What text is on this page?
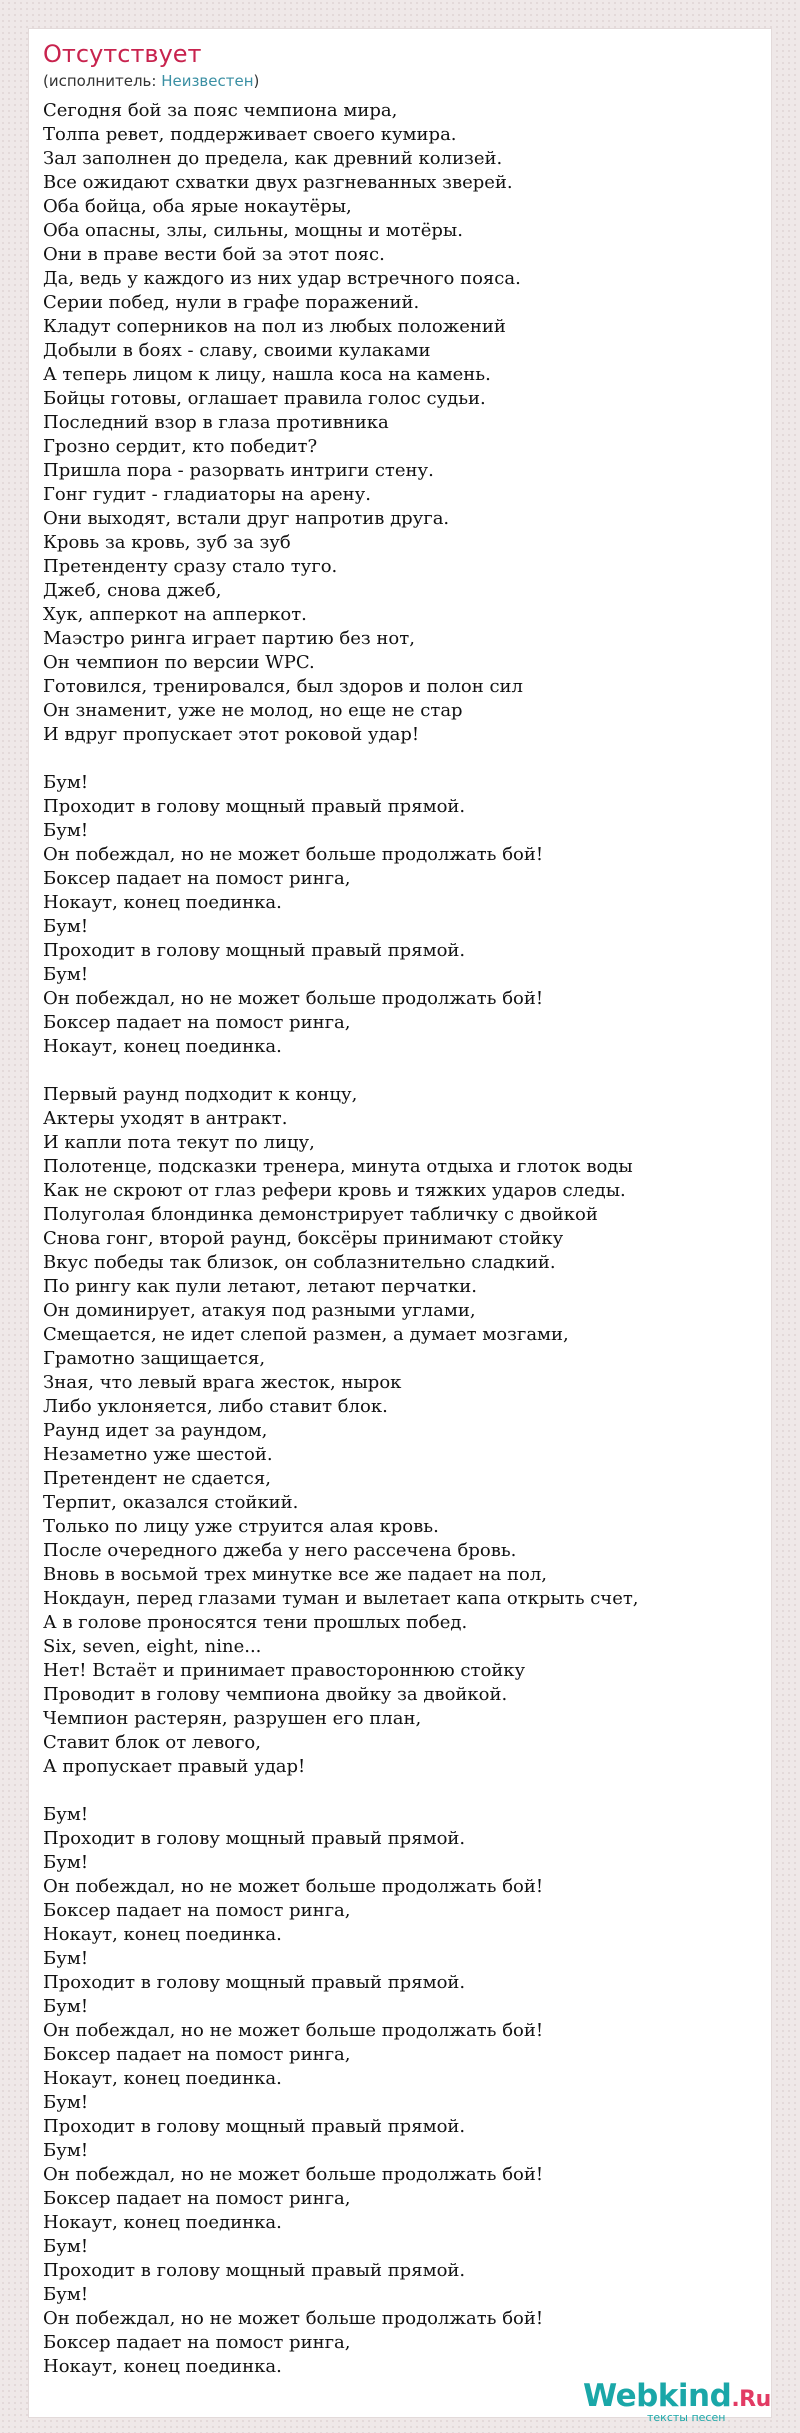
Отсутствует
(исполнитель: Неизвестен)
Сегодня бой за пояс чемпиона мира,
Толпа ревет, поддерживает своего кумира.
Зал заполнен до предела, как древний колизей.
Все ожидают схватки двух разгневанных зверей.
Оба бойца, оба ярые нокаутёры,
Оба опасны, злы, сильны, мощны и мотёры.
Они в праве вести бой за этот пояс.
Да, ведь у каждого из них удар встречного пояса.
Серии побед, нули в графе поражений.
Кладут соперников на пол из любых положений
Добыли в боях - славу, своими кулаками
А теперь лицом к лицу, нашла коса на камень.
Бойцы готовы, оглашает правила голос судьи.
Последний взор в глаза противника
Грозно сердит, кто победит?
Пришла пора - разорвать интриги стену.
Гонг гудит - гладиаторы на арену.
Они выходят, встали друг напротив друга.
Кровь за кровь, зуб за зуб
Претенденту сразу стало туго.
Джеб, снова джеб,
Хук, апперкот на апперкот.
Маэстро ринга играет партию без нот,
Он чемпион по версии WPC.
Готовился, тренировался, был здоров и полон сил
Он знаменит, уже не молод, но еще не стар
И вдруг пропускает этот роковой удар!
Бум!
Проходит в голову мощный правый прямой.
Бум!
Он побеждал, но не может больше продолжать бой!
Боксер падает на помост ринга,
Нокаут, конец поединка.
Бум!
Проходит в голову мощный правый прямой.
Бум!
Он побеждал, но не может больше продолжать бой!
Боксер падает на помост ринга,
Нокаут, конец поединка.
Первый раунд подходит к концу,
Актеры уходят в антракт.
И капли пота текут по лицу,
Полотенце, подсказки тренера, минута отдыха и глоток воды
Как не скроют от глаз рефери кровь и тяжких ударов следы.
Полуголая блондинка демонстрирует табличку с двойкой
Снова гонг, второй раунд, боксёры принимают стойку
Вкус победы так близок, он соблазнительно сладкий.
По рингу как пули летают, летают перчатки.
Он доминирует, атакуя под разными углами,
Смещается, не идет слепой размен, а думает мозгами,
Грамотно защищается,
Зная, что левый врага жесток, нырок
Либо уклоняется, либо ставит блок.
Раунд идет за раундом,
Незаметно уже шестой.
Претендент не сдается,
Терпит, оказался стойкий.
Только по лицу уже струится алая кровь.
После очередного джеба у него рассечена бровь.
Вновь в восьмой трех минутке все же падает на пол,
Нокдаун, перед глазами туман и вылетает капа открыть счет,
А в голове проносятся тени прошлых побед.
Six, seven, eight, nine...
Нет! Встаёт и принимает правостороннюю стойку
Проводит в голову чемпиона двойку за двойкой.
Чемпион растерян, разрушен его план,
Ставит блок от левого,
А пропускает правый удар!
Бум!
Проходит в голову мощный правый прямой.
Бум!
Он побеждал, но не может больше продолжать бой!
Боксер падает на помост ринга,
Нокаут, конец поединка.
Бум!
Проходит в голову мощный правый прямой.
Бум!
Он побеждал, но не может больше продолжать бой!
Боксер падает на помост ринга,
Нокаут, конец поединка.
Бум!
Проходит в голову мощный правый прямой.
Бум!
Он побеждал, но не может больше продолжать бой!
Боксер падает на помост ринга,
Нокаут, конец поединка.
Бум!
Проходит в голову мощный правый прямой.
Бум!
Он побеждал, но не может больше продолжать бой!
Боксер падает на помост ринга,
Нокаут, конец поединка.
Webkind.Ru
тексты песен
